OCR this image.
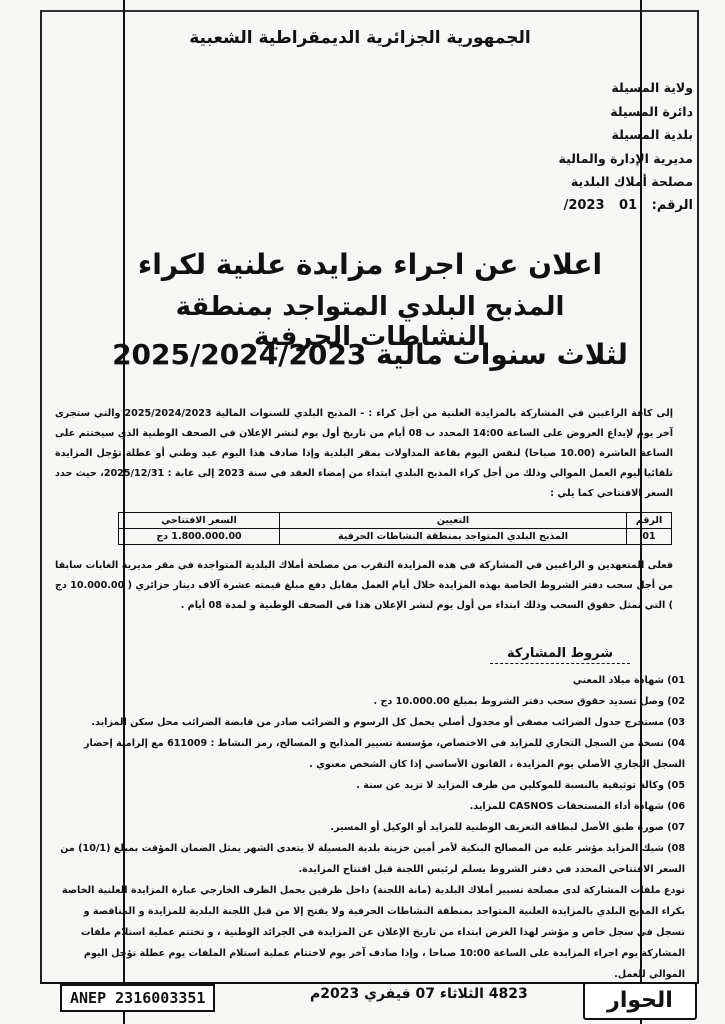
الجمهورية الجزائرية الديمقراطية الشعبية
ولاية المسيلة
دائرة المسيلة
بلدية المسيلة
مديرية الإدارة والمالية
مصلحة أملاك البلدية
الرقم: 01 2023/
اعلان عن اجراء مزايدة علنية لكراء
المذبح البلدي المتواجد بمنطقة النشاطات الحرفية
لثلاث سنوات مالية 2025/2024/2023
إلى كافة الراغبين في المشاركة بالمزايدة العلنية من أجل كراء : - المذبح البلدي للسنوات المالية 2025/2024/2023 والتي ستجرى آخر يوم لإيداع العروض على الساعة 14:00 المحدد ب 08 أيام من تاريخ أول يوم لنشر الإعلان في الصحف الوطنية الذي سيختتم على الساعة العاشرة (10.00 صباحا) لنفس اليوم بقاعة المداولات بمقر البلدية وإذا صادف هذا اليوم عيد وطني أو عطلة تؤجل المزايدة تلقائيا ليوم العمل الموالي وذلك من أجل كراء المذبح البلدي ابتداء من إمضاء العقد في سنة 2023 إلى غاية : 2025/12/31، حيث حدد السعر الافتتاحي كما يلي :
الرقم	التعيين	السعر الافتتاحي
01	المذبح البلدي المتواجد بمنطقة النشاطات الحرفية	1.800.000.00 دج
فعلى المتعهدين و الراغبين في المشاركة في هذه المزايدة التقرب من مصلحة أملاك البلدية المتواجدة في مقر مديرية الغابات سابقا من أجل سحب دفتر الشروط الخاصة بهذه المزايدة خلال أيام العمل مقابل دفع مبلغ قيمته عشرة آلاف دينار جزائري ( 10.000.00 دج ) التي تمثل حقوق السحب وذلك ابتداء من أول يوم لنشر الإعلان هذا في الصحف الوطنية و لمدة 08 أيام .
شروط المشاركة
01) شهادة ميلاد المعني
02) وصل تسديد حقوق سحب دفتر الشروط بمبلغ 10.000.00 دج .
03) مستخرج جدول الضرائب مصفى أو مجدول أصلي يحمل كل الرسوم و الضرائب صادر من قابضة الضرائب محل سكن المزايد.
04) نسخة من السجل التجاري للمزايد في الاختصاص، مؤسسة تسيير المذابح و المسالخ، رمز النشاط : 611009 مع إلزامية إحضار السجل التجاري الأصلي يوم المزايدة ، القانون الأساسي إذا كان الشخص معنوي .
05) وكالة توثيقية بالنسبة للموكلين من طرف المزايد لا تزيد عن سنة .
06) شهادة أداء المستحقات CASNOS للمزايد.
07) صورة طبق الأصل لبطاقة التعريف الوطنية للمزايد أو الوكيل أو المسير.
08) شيك المزايد مؤشر عليه من المصالح البنكية لأمر أمين خزينة بلدية المسيلة لا يتعدى الشهر يمثل الضمان المؤقت بمبلغ (10/1) من السعر الافتتاحي المحدد في دفتر الشروط يسلم لرئيس اللجنة قبل افتتاح المزايدة.
تودع ملفات المشاركة لدى مصلحة تسيير أملاك البلدية (مانة اللجنة) داخل ظرفين يحمل الظرف الخارجي عبارة المزايدة العلنية الخاصة بكراء المذبح البلدي بالمزايدة العلنية المتواجد بمنطقة النشاطات الحرفية ولا يفتح إلا من قبل اللجنة البلدية للمزايدة و المناقصة و تسجل في سجل خاص و مؤشر لهذا الغرض ابتداء من تاريخ الإعلان عن المزايدة في الجرائد الوطنية ، و تختتم عملية استلام ملفات المشاركة يوم اجراء المزايدة على الساعة 10:00 صباحا ، وإذا صادف آخر يوم لاختتام عملية استلام الملفات يوم عطلة تؤجل اليوم الموالي للعمل.
ANEP 2316003351	4823 الثلاثاء 07 فيفري 2023م	الحوار
